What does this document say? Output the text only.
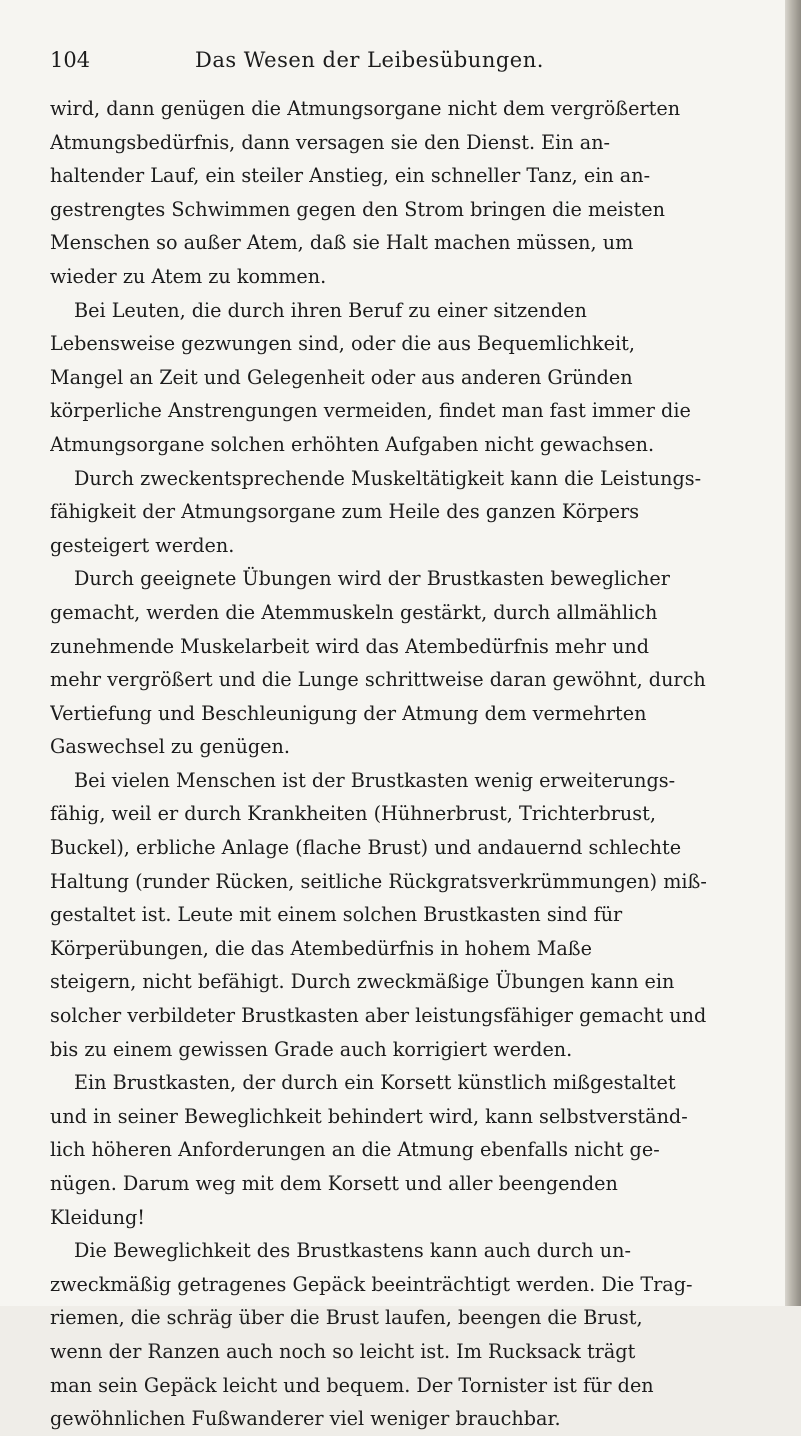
104	Das Wesen der Leibesübungen.
wird, dann genügen die Atmungsorgane nicht dem vergrößerten
Atmungsbedürfnis, dann versagen sie den Dienst. Ein an-
haltender Lauf, ein steiler Anstieg, ein schneller Tanz, ein an-
gestrengtes Schwimmen gegen den Strom bringen die meisten
Menschen so außer Atem, daß sie Halt machen müssen, um
wieder zu Atem zu kommen.
Bei Leuten, die durch ihren Beruf zu einer sitzenden
Lebensweise gezwungen sind, oder die aus Bequemlichkeit,
Mangel an Zeit und Gelegenheit oder aus anderen Gründen
körperliche Anstrengungen vermeiden, findet man fast immer die
Atmungsorgane solchen erhöhten Aufgaben nicht gewachsen.
Durch zweckentsprechende Muskeltätigkeit kann die Leistungs-
fähigkeit der Atmungsorgane zum Heile des ganzen Körpers
gesteigert werden.
Durch geeignete Übungen wird der Brustkasten beweglicher
gemacht, werden die Atemmuskeln gestärkt, durch allmählich
zunehmende Muskelarbeit wird das Atembedürfnis mehr und
mehr vergrößert und die Lunge schrittweise daran gewöhnt, durch
Vertiefung und Beschleunigung der Atmung dem vermehrten
Gaswechsel zu genügen.
Bei vielen Menschen ist der Brustkasten wenig erweiterungs-
fähig, weil er durch Krankheiten (Hühnerbrust, Trichterbrust,
Buckel), erbliche Anlage (flache Brust) und andauernd schlechte
Haltung (runder Rücken, seitliche Rückgratsverkrümmungen) miß-
gestaltet ist. Leute mit einem solchen Brustkasten sind für
Körperübungen, die das Atembedürfnis in hohem Maße
steigern, nicht befähigt. Durch zweckmäßige Übungen kann ein
solcher verbildeter Brustkasten aber leistungsfähiger gemacht und
bis zu einem gewissen Grade auch korrigiert werden.
Ein Brustkasten, der durch ein Korsett künstlich mißgestaltet
und in seiner Beweglichkeit behindert wird, kann selbstverständ-
lich höheren Anforderungen an die Atmung ebenfalls nicht ge-
nügen. Darum weg mit dem Korsett und aller beengenden
Kleidung!
Die Beweglichkeit des Brustkastens kann auch durch un-
zweckmäßig getragenes Gepäck beeinträchtigt werden. Die Trag-
riemen, die schräg über die Brust laufen, beengen die Brust,
wenn der Ranzen auch noch so leicht ist. Im Rucksack trägt
man sein Gepäck leicht und bequem. Der Tornister ist für den
gewöhnlichen Fußwanderer viel weniger brauchbar.
